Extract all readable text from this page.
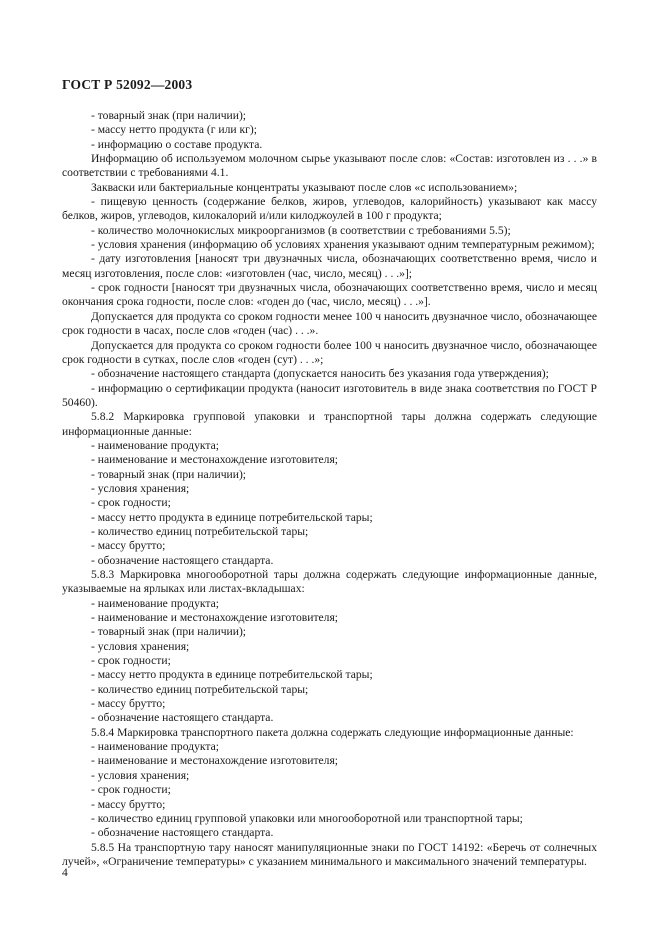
ГОСТ Р 52092—2003

- товарный знак (при наличии);

- массу нетто продукта (г или кг);

- информацию о составе продукта.

Информацию об используемом молочном сырье указывают после слов: «Состав: изготовлен из . . .» в соответствии с требованиями 4.1.

Закваски или бактериальные концентраты указывают после слов «с использованием»;

- пищевую ценность (содержание белков, жиров, углеводов, калорийность) указывают как массу белков, жиров, углеводов, килокалорий и/или килоджоулей в 100 г продукта;

- количество молочнокислых микроорганизмов (в соответствии с требованиями 5.5);

- условия хранения (информацию об условиях хранения указывают одним температурным режимом);

- дату изготовления [наносят три двузначных числа, обозначающих соответственно время, число и месяц изготовления, после слов: «изготовлен (час, число, месяц) . . .»];

- срок годности [наносят три двузначных числа, обозначающих соответственно время, число и месяц окончания срока годности, после слов: «годен до (час, число, месяц) . . .»].

Допускается для продукта со сроком годности менее 100 ч наносить двузначное число, обозначающее срок годности в часах, после слов «годен (час) . . .».

Допускается для продукта со сроком годности более 100 ч наносить двузначное число, обозначающее срок годности в сутках, после слов «годен (сут) . . .»;

- обозначение настоящего стандарта (допускается наносить без указания года утверждения);

- информацию о сертификации продукта (наносит изготовитель в виде знака соответствия по ГОСТ Р 50460).

5.8.2 Маркировка групповой упаковки и транспортной тары должна содержать следующие информационные данные:

- наименование продукта;

- наименование и местонахождение изготовителя;

- товарный знак (при наличии);

- условия хранения;

- срок годности;

- массу нетто продукта в единице потребительской тары;

- количество единиц потребительской тары;

- массу брутто;

- обозначение настоящего стандарта.

5.8.3 Маркировка многооборотной тары должна содержать следующие информационные данные, указываемые на ярлыках или листах-вкладышах:

- наименование продукта;

- наименование и местонахождение изготовителя;

- товарный знак (при наличии);

- условия хранения;

- срок годности;

- массу нетто продукта в единице потребительской тары;

- количество единиц потребительской тары;

- массу брутто;

- обозначение настоящего стандарта.

5.8.4 Маркировка транспортного пакета должна содержать следующие информационные данные:

- наименование продукта;

- наименование и местонахождение изготовителя;

- условия хранения;

- срок годности;

- массу брутто;

- количество единиц групповой упаковки или многооборотной или транспортной тары;

- обозначение настоящего стандарта.

5.8.5 На транспортную тару наносят манипуляционные знаки по ГОСТ 14192: «Беречь от солнечных лучей», «Ограничение температуры» с указанием минимального и максимального значений температуры.

4
